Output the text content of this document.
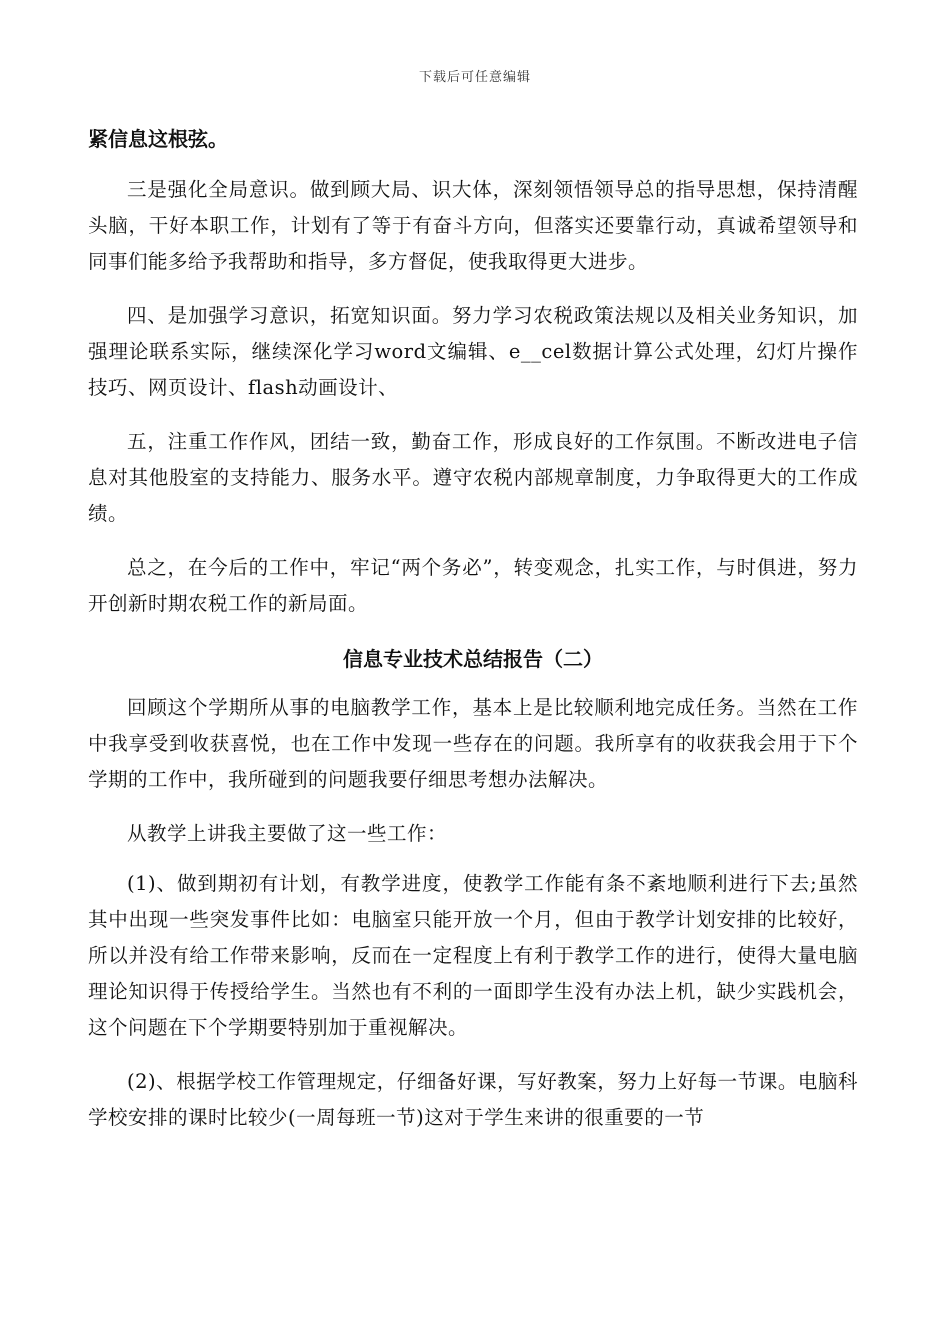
下载后可任意编辑

紧信息这根弦。

三是强化全局意识。做到顾大局、识大体，深刻领悟领导总的指导思想，保持清醒头脑，干好本职工作，计划有了等于有奋斗方向，但落实还要靠行动，真诚希望领导和同事们能多给予我帮助和指导，多方督促，使我取得更大进步。

四、是加强学习意识，拓宽知识面。努力学习农税政策法规以及相关业务知识，加强理论联系实际，继续深化学习word文编辑、e__cel数据计算公式处理，幻灯片操作技巧、网页设计、flash动画设计、

五，注重工作作风，团结一致，勤奋工作，形成良好的工作氛围。不断改进电子信息对其他股室的支持能力、服务水平。遵守农税内部规章制度，力争取得更大的工作成绩。

总之，在今后的工作中，牢记“两个务必”，转变观念，扎实工作，与时俱进，努力开创新时期农税工作的新局面。

信息专业技术总结报告（二）

回顾这个学期所从事的电脑教学工作，基本上是比较顺利地完成任务。当然在工作中我享受到收获喜悦，也在工作中发现一些存在的问题。我所享有的收获我会用于下个学期的工作中，我所碰到的问题我要仔细思考想办法解决。

从教学上讲我主要做了这一些工作：

(1)、做到期初有计划，有教学进度，使教学工作能有条不紊地顺利进行下去;虽然其中出现一些突发事件比如：电脑室只能开放一个月，但由于教学计划安排的比较好，所以并没有给工作带来影响，反而在一定程度上有利于教学工作的进行，使得大量电脑理论知识得于传授给学生。当然也有不利的一面即学生没有办法上机，缺少实践机会，这个问题在下个学期要特别加于重视解决。

(2)、根据学校工作管理规定，仔细备好课，写好教案，努力上好每一节课。电脑科学校安排的课时比较少(一周每班一节)这对于学生来讲的很重要的一节
